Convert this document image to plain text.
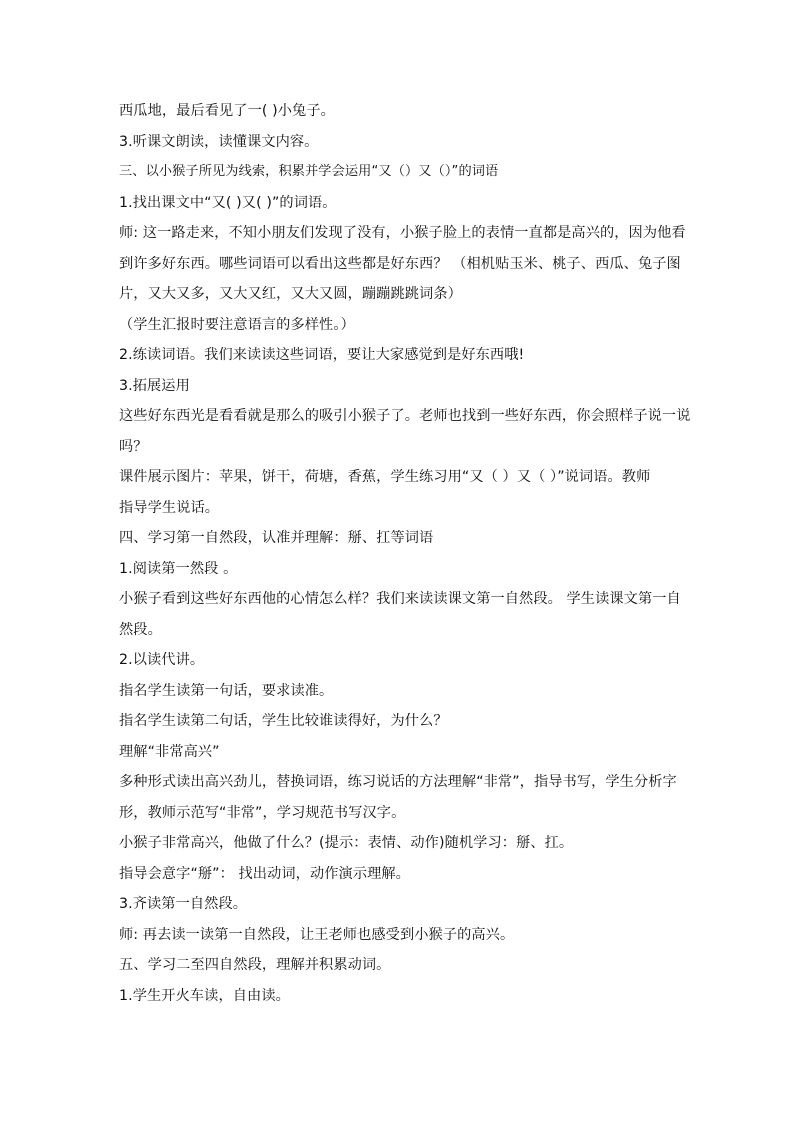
西瓜地，最后看见了一( )小兔子。
3.听课文朗读，读懂课文内容。
三、以小猴子所见为线索，积累并学会运用“又（）又（）”的词语
1.找出课文中“又( )又( )”的词语。
师: 这一路走来，不知小朋友们发现了没有，小猴子脸上的表情一直都是高兴的，因为他看
到许多好东西。哪些词语可以看出这些都是好东西？ （相机贴玉米、桃子、西瓜、兔子图
片，又大又多，又大又红，又大又圆，蹦蹦跳跳词条）
（学生汇报时要注意语言的多样性。）
2.练读词语。我们来读读这些词语，要让大家感觉到是好东西哦!
3.拓展运用
这些好东西光是看看就是那么的吸引小猴子了。老师也找到一些好东西，你会照样子说一说
吗？
课件展示图片：苹果，饼干，荷塘，香蕉，学生练习用“又（ ）又（ ）”说词语。教师
指导学生说话。
四、学习第一自然段，认准并理解：掰、扛等词语
1.阅读第一然段 。
小猴子看到这些好东西他的心情怎么样？我们来读读课文第一自然段。 学生读课文第一自
然段。
2.以读代讲。
指名学生读第一句话，要求读准。
指名学生读第二句话，学生比较谁读得好，为什么？
理解“非常高兴”
多种形式读出高兴劲儿，替换词语，练习说话的方法理解“非常”，指导书写，学生分析字
形，教师示范写“非常”，学习规范书写汉字。
小猴子非常高兴，他做了什么？(提示：表情、动作)随机学习：掰、扛。
指导会意字“掰”： 找出动词，动作演示理解。
3.齐读第一自然段。
师: 再去读一读第一自然段，让王老师也感受到小猴子的高兴。
五、学习二至四自然段，理解并积累动词。
1.学生开火车读，自由读。
